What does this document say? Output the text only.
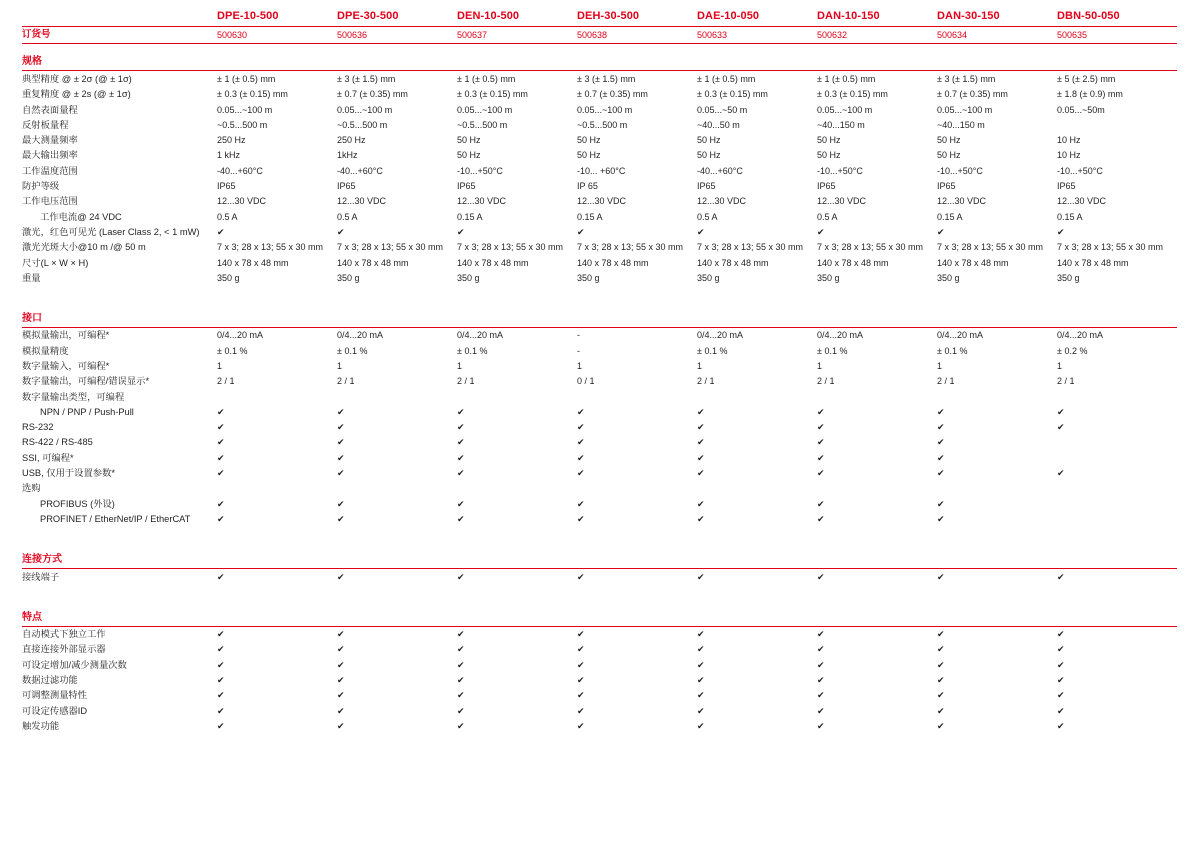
	DPE-10-500	DPE-30-500	DEN-10-500	DEH-30-500	DAE-10-050	DAN-10-150	DAN-30-150	DBN-50-050

订货号	500630	500636	500637	500638	500633	500632	500634	500635

规格								

典型精度 @ ± 2σ (@ ± 1σ)	± 1 (± 0.5) mm	± 3 (± 1.5) mm	± 1 (± 0.5) mm	± 3 (± 1.5) mm	± 1 (± 0.5) mm	± 1 (± 0.5) mm	± 3 (± 1.5) mm	± 5 (± 2.5) mm
重复精度 @ ± 2s (@ ± 1σ)	± 0.3 (± 0.15) mm	± 0.7 (± 0.35) mm	± 0.3 (± 0.15) mm	± 0.7 (± 0.35) mm	± 0.3 (± 0.15) mm	± 0.3 (± 0.15) mm	± 0.7 (± 0.35) mm	± 1.8 (± 0.9) mm
自然表面量程	0.05...~100 m	0.05...~100 m	0.05...~100 m	0.05...~100 m	0.05...~50 m	0.05...~100 m	0.05...~100 m	0.05...~50m
反射板量程	~0.5...500 m	~0.5...500 m	~0.5...500 m	~0.5...500 m	~40...50 m	~40...150 m	~40...150 m	
最大测量频率	250 Hz	250 Hz	50 Hz	50 Hz	50 Hz	50 Hz	50 Hz	10 Hz
最大输出频率	1 kHz	1kHz	50 Hz	50 Hz	50 Hz	50 Hz	50 Hz	10 Hz
工作温度范围	-40...+60°C	-40...+60°C	-10...+50°C	-10... +60°C	-40...+60°C	-10...+50°C	-10...+50°C	-10...+50°C
防护等级	IP65	IP65	IP65	IP 65	IP65	IP65	IP65	IP65
工作电压范围	12...30 VDC	12...30 VDC	12...30 VDC	12...30 VDC	12...30 VDC	12...30 VDC	12...30 VDC	12...30 VDC
工作电流@ 24 VDC	0.5 A	0.5 A	0.15 A	0.15 A	0.5 A	0.5 A	0.15 A	0.15 A
激光，红色可见光 (Laser Class 2, < 1 mW)	✔	✔	✔	✔	✔	✔	✔	✔
激光光斑大小@10 m /@ 50 m	7 x 3; 28 x 13; 55 x 30 mm	7 x 3; 28 x 13; 55 x 30 mm	7 x 3; 28 x 13; 55 x 30 mm	7 x 3; 28 x 13; 55 x 30 mm	7 x 3; 28 x 13; 55 x 30 mm	7 x 3; 28 x 13; 55 x 30 mm	7 x 3; 28 x 13; 55 x 30 mm	7 x 3; 28 x 13; 55 x 30 mm
尺寸(L × W × H)	140 x 78 x 48 mm	140 x 78 x 48 mm	140 x 78 x 48 mm	140 x 78 x 48 mm	140 x 78 x 48 mm	140 x 78 x 48 mm	140 x 78 x 48 mm	140 x 78 x 48 mm
重量	350 g	350 g	350 g	350 g	350 g	350 g	350 g	350 g

接口								

模拟量输出，可编程*	0/4...20 mA	0/4...20 mA	0/4...20 mA	-	0/4...20 mA	0/4...20 mA	0/4...20 mA	0/4...20 mA
模拟量精度	± 0.1 %	± 0.1 %	± 0.1 %	-	± 0.1 %	± 0.1 %	± 0.1 %	± 0.2 %
数字量输入，可编程*	1	1	1	1	1	1	1	1
数字量输出，可编程/错误显示*	2 / 1	2 / 1	2 / 1	0 / 1	2 / 1	2 / 1	2 / 1	2 / 1
数字量输出类型，可编程								
NPN / PNP / Push-Pull	✔	✔	✔	✔	✔	✔	✔	✔
RS-232	✔	✔	✔	✔	✔	✔	✔	✔
RS-422 / RS-485	✔	✔	✔	✔	✔	✔	✔	
SSI, 可编程*	✔	✔	✔	✔	✔	✔	✔	
USB, 仅用于设置参数*	✔	✔	✔	✔	✔	✔	✔	✔
选购								
PROFIBUS (外设)	✔	✔	✔	✔	✔	✔	✔	
PROFINET / EtherNet/IP / EtherCAT	✔	✔	✔	✔	✔	✔	✔	

连接方式								

接线端子	✔	✔	✔	✔	✔	✔	✔	✔

特点								

自动模式下独立工作	✔	✔	✔	✔	✔	✔	✔	✔
直接连接外部显示器	✔	✔	✔	✔	✔	✔	✔	✔
可设定增加/减少测量次数	✔	✔	✔	✔	✔	✔	✔	✔
数据过滤功能	✔	✔	✔	✔	✔	✔	✔	✔
可调整测量特性	✔	✔	✔	✔	✔	✔	✔	✔
可设定传感器ID	✔	✔	✔	✔	✔	✔	✔	✔
触发功能	✔	✔	✔	✔	✔	✔	✔	✔
